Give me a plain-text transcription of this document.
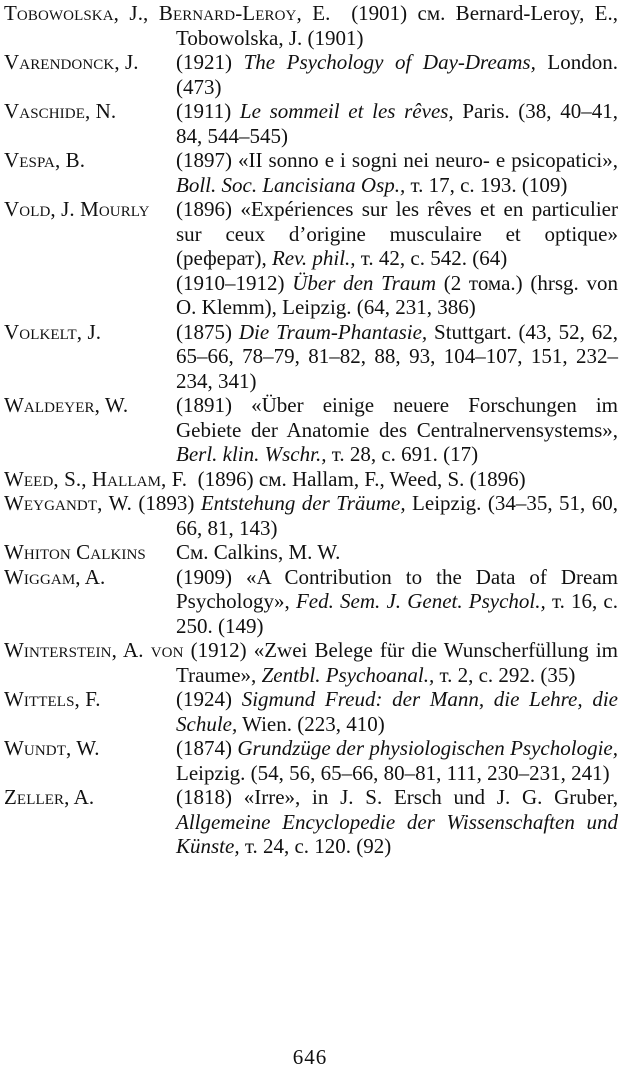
Tobowolska, J., Bernard-Leroy, E. (1901) см. Bernard-Leroy, E., Tobowolska, J. (1901)

Varendonck, J. (1921) The Psychology of Day-Dreams, London. (473)

Vaschide, N.	(1911) Le sommeil et les rêves, Paris. (38, 40–41, 84, 544–545)

Vespa, B.	(1897) «II sonno e i sogni nei neuro- e psicopatici», Boll. Soc. Lancisiana Osp., т. 17, с. 193. (109)

Vold, J. Mourly (1896) «Expériences sur les rêves et en particulier sur ceux d’origine musculaire et optique» (реферат), Rev. phil., т. 42, с. 542. (64)
(1910–1912) Über den Traum (2 тома.) (hrsg. von O. Klemm), Leipzig. (64, 231, 386)

Volkelt, J.	(1875) Die Traum-Phantasie, Stuttgart. (43, 52, 62, 65–66, 78–79, 81–82, 88, 93, 104–107, 151, 232–234, 341)

Waldeyer, W. (1891) «Über einige neuere Forschungen im Gebiete der Anatomie des Centralnervensystems», Berl. klin. Wschr., т. 28, с. 691. (17)

Weed, S., Hallam, F. (1896) см. Hallam, F., Weed, S. (1896)

Weygandt, W. (1893) Entstehung der Träume, Leipzig. (34–35, 51, 60, 66, 81, 143)

Whiton Calkins См. Calkins, M. W.

Wiggam, A.	(1909) «A Contribution to the Data of Dream Psychology», Fed. Sem. J. Genet. Psychol., т. 16, с. 250. (149)

Winterstein, A. von (1912) «Zwei Belege für die Wunscherfüllung im Traume», Zentbl. Psychoanal., т. 2, с. 292. (35)

Wittels, F.	(1924) Sigmund Freud: der Mann, die Lehre, die Schule, Wien. (223, 410)

Wundt, W.	(1874) Grundzüge der physiologischen Psychologie, Leipzig. (54, 56, 65–66, 80–81, 111, 230–231, 241)

Zeller, A.	(1818) «Irre», in J. S. Ersch und J. G. Gruber, Allgemeine Encyclopedie der Wissenschaften und Künste, т. 24, с. 120. (92)

646
